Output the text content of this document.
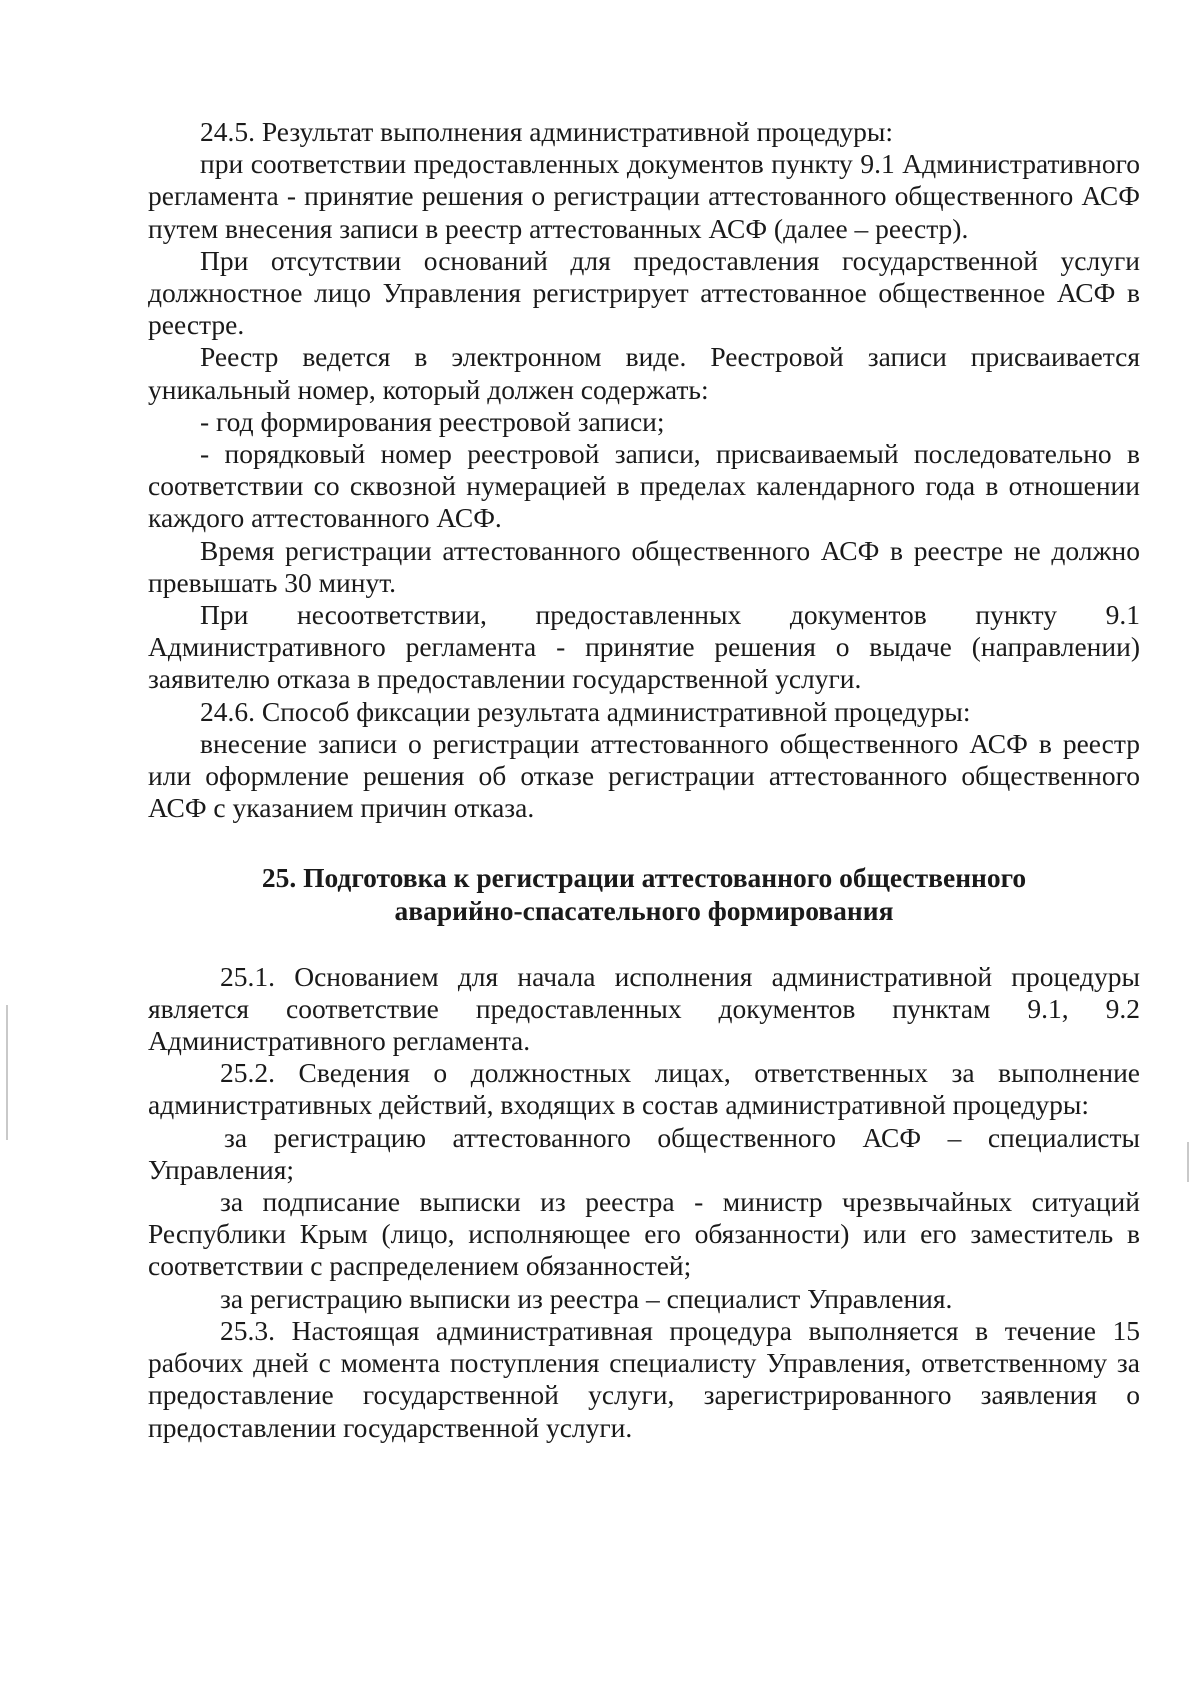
24.5. Результат выполнения административной процедуры:

при соответствии предоставленных документов пункту 9.1 Административного регламента - принятие решения о регистрации аттестованного общественного АСФ путем внесения записи в реестр аттестованных АСФ (далее – реестр).

При отсутствии оснований для предоставления государственной услуги должностное лицо Управления регистрирует аттестованное общественное АСФ в реестре.

Реестр ведется в электронном виде. Реестровой записи присваивается уникальный номер, который должен содержать:

- год формирования реестровой записи;

- порядковый номер реестровой записи, присваиваемый последовательно в соответствии со сквозной нумерацией в пределах календарного года в отношении каждого аттестованного АСФ.

Время регистрации аттестованного общественного АСФ в реестре не должно превышать 30 минут.

При несоответствии, предоставленных документов пункту 9.1 Административного регламента - принятие решения о выдаче (направлении) заявителю отказа в предоставлении государственной услуги.

24.6. Способ фиксации результата административной процедуры:

внесение записи о регистрации аттестованного общественного АСФ в реестр или оформление решения об отказе регистрации аттестованного общественного АСФ с указанием причин отказа.

25. Подготовка к регистрации аттестованного общественного
аварийно-спасательного формирования

25.1. Основанием для начала исполнения административной процедуры является соответствие предоставленных документов пунктам 9.1, 9.2 Административного регламента.

25.2. Сведения о должностных лицах, ответственных за выполнение административных действий, входящих в состав административной процедуры:

за регистрацию аттестованного общественного АСФ – специалисты Управления;

за подписание выписки из реестра - министр чрезвычайных ситуаций Республики Крым (лицо, исполняющее его обязанности) или его заместитель в соответствии с распределением обязанностей;

за регистрацию выписки из реестра – специалист Управления.

25.3. Настоящая административная процедура выполняется в течение 15 рабочих дней с момента поступления специалисту Управления, ответственному за предоставление государственной услуги, зарегистрированного заявления о предоставлении государственной услуги.
